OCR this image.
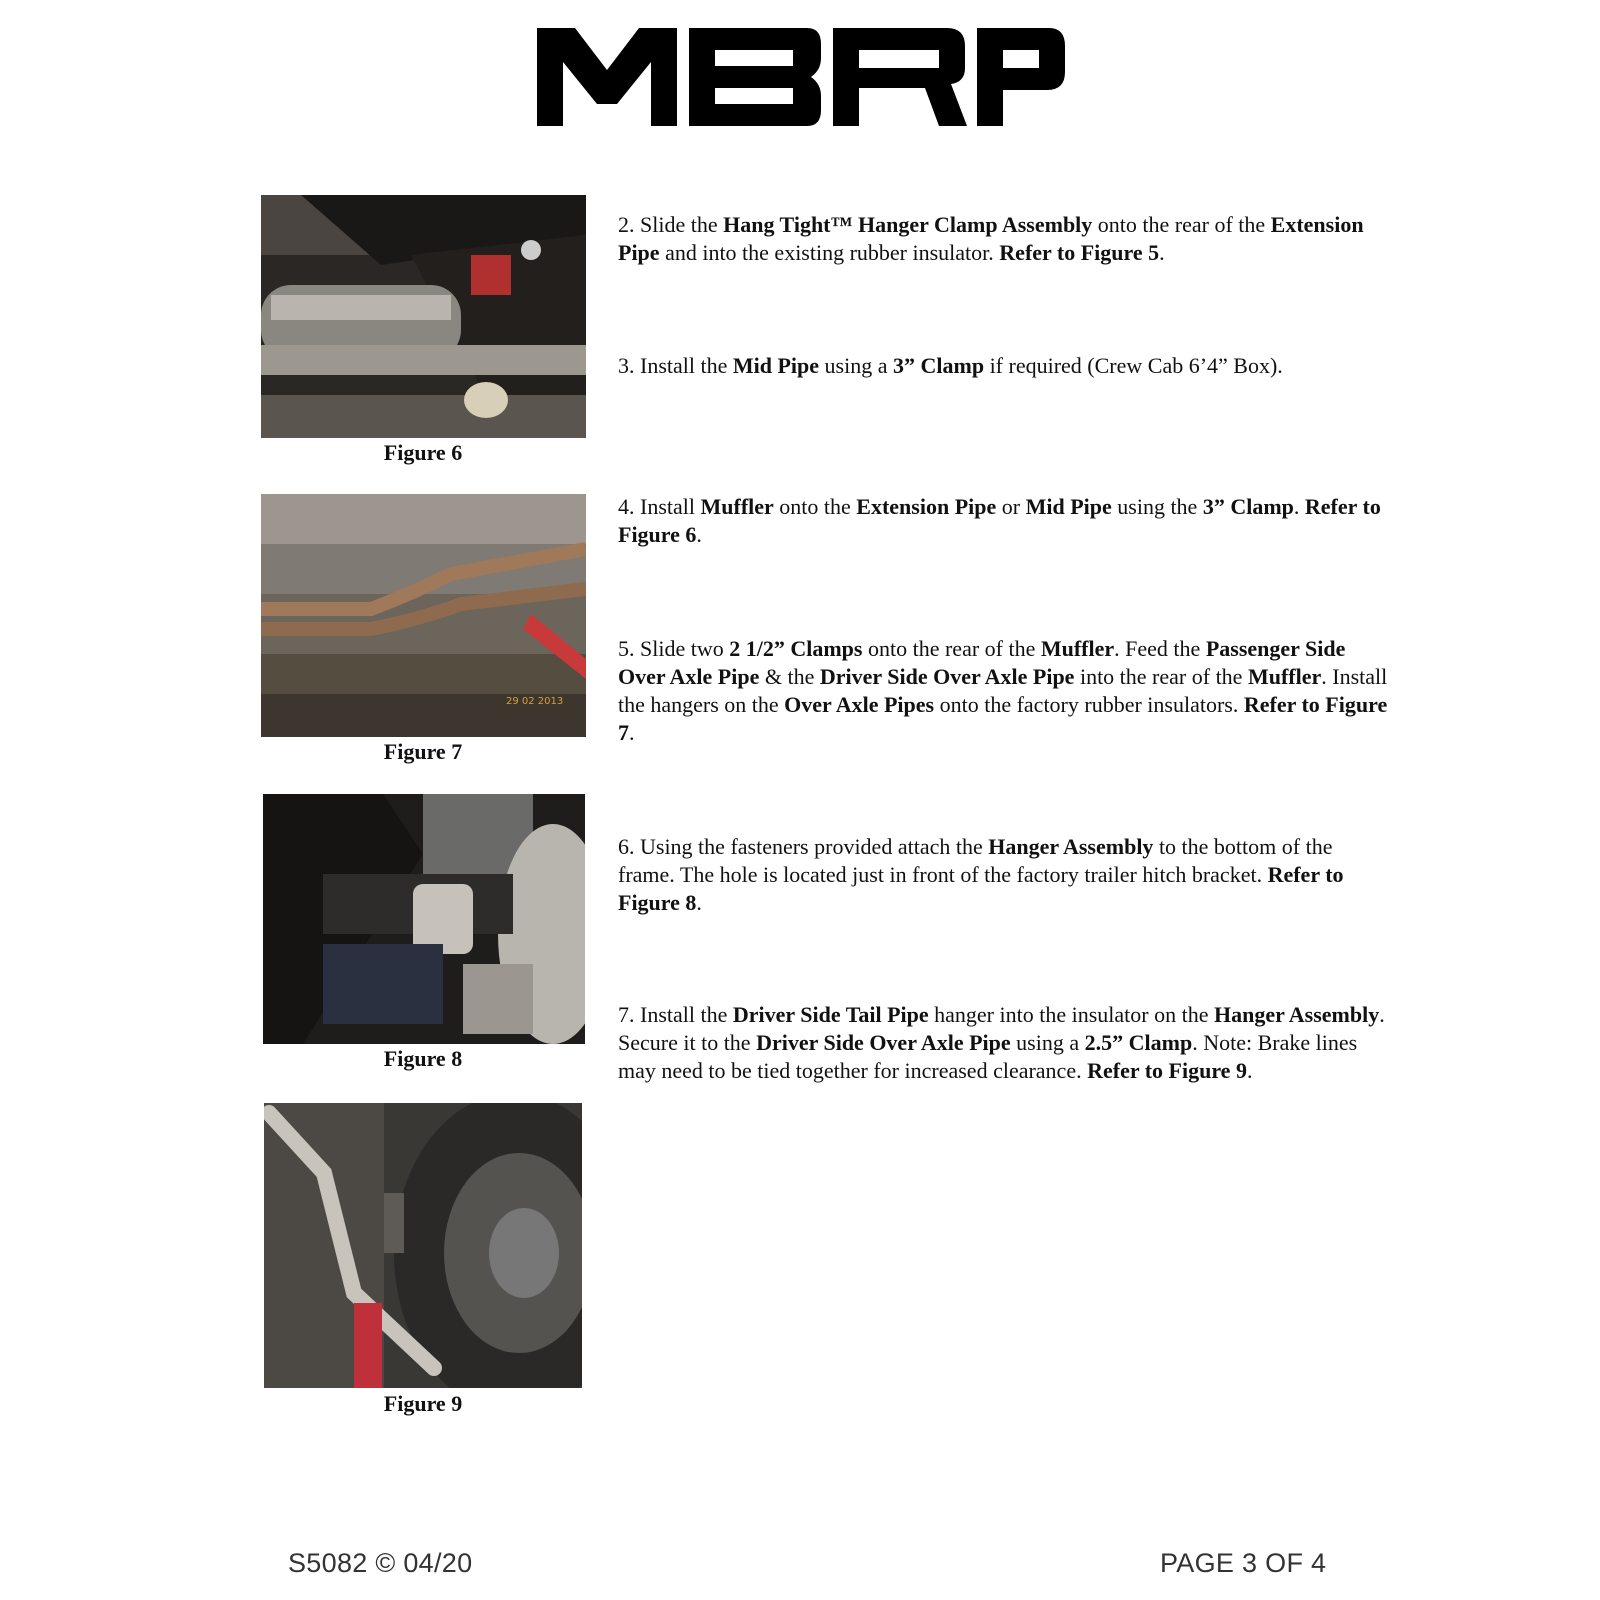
Figure 6
29 02 2013
Figure 7
Figure 8
Figure 9
2. Slide the Hang Tight™ Hanger Clamp Assembly onto the rear of the Extension Pipe and into the existing rubber insulator. Refer to Figure 5.
3. Install the Mid Pipe using a 3” Clamp if required (Crew Cab 6’4” Box).
4. Install Muffler onto the Extension Pipe or Mid Pipe using the 3” Clamp. Refer to Figure 6.
5. Slide two 2 1/2” Clamps onto the rear of the Muffler. Feed the Passenger Side Over Axle Pipe & the Driver Side Over Axle Pipe into the rear of the Muffler. Install the hangers on the Over Axle Pipes onto the factory rubber insulators. Refer to Figure 7.
6. Using the fasteners provided attach the Hanger Assembly to the bottom of the frame. The hole is located just in front of the factory trailer hitch bracket. Refer to Figure 8.
7. Install the Driver Side Tail Pipe hanger into the insulator on the Hanger Assembly. Secure it to the Driver Side Over Axle Pipe using a 2.5” Clamp. Note: Brake lines may need to be tied together for increased clearance. Refer to Figure 9.
S5082 © 04/20	PAGE 3 OF 4
